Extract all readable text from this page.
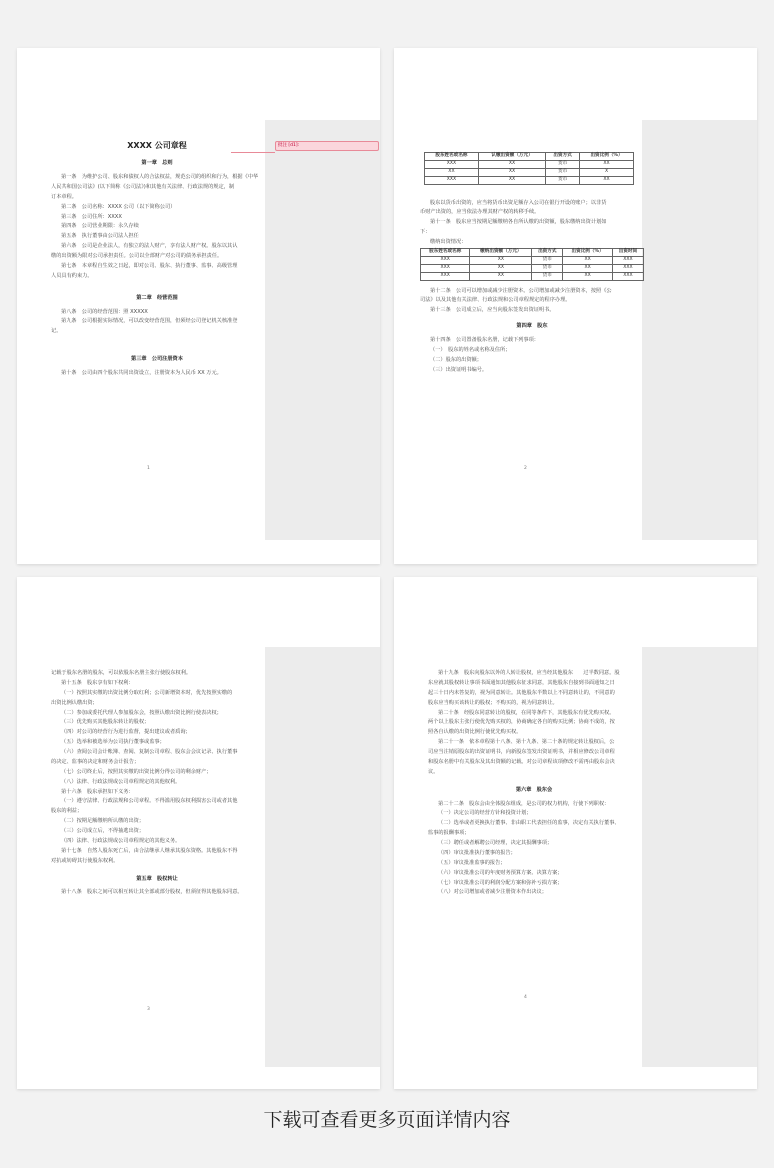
批注 [d1]:
XXXX 公司章程
第一章　总则
第一条　为维护公司、股东和债权人的合法权益，规范公司的组织和行为，根据《中华
人民共和国公司法》(以下简称《公司法》)和其他有关法律、行政法规的规定，制
订本章程。
第二条　公司名称：XXXX 公司（以下简称公司）
第三条　公司住所：XXXX
第四条　公司营业期限：永久存续
第五条　执行董事由公司法人担任
第六条　公司是企业法人，有独立的法人财产，享有法人财产权。股东以其认
缴的出资额为限对公司承担责任。公司以全部财产对公司的债务承担责任。
第七条　本章程自生效之日起，即对公司、股东、执行董事、监事、高级管理
人员具有约束力。
第二章　经营范围
第八条　公司的经营范围：照 XXXXX
第九条　公司根据实际情况，可以改变经营范围，但须经公司登记机关核准登
记。
第三章　公司注册资本
第十条　公司由四个股东共同出资设立，注册资本为人民币 XX 万元。
1
股东姓名或名称	认缴出资额（万元）	出资方式	出资比例（%）
XXX	XX	货币	XX
XX	XX	货币	X
XXX	XX	货币	XX
股东以货币出资的，应当将货币出资足额存入公司在银行开设的账户；以非货
币财产出资的，应当依法办理其财产权的转移手续。
第十一条　股东应当按期足额缴纳各自所认缴的出资额，股东缴纳出资计划如
下：
缴纳出资情况：
股东姓名或名称	缴纳出资额（万元）	出资方式	出资比例（%）	出资时间
XXX	XX	货币	XX	XXX
XXX	XX	货币	XX	XXX
XXX	XX	货币	XX	XXX
第十二条　公司可以增加或减少注册资本。公司增加或减少注册资本，按照《公
司法》以及其他有关法律、行政法规和公司章程规定的程序办理。
第十三条　公司成立后，应当向股东签发出资证明书。
第四章　股东
第十四条　公司置备股东名册，记载下列事项：
（一）　股东的姓名或名称及住所；
（二）股东的出资额；
（三）出资证明书编号。
2
记载于股东名册的股东，可以依股东名册主张行使股东权利。
第十五条　股东享有如下权利：
（一）按照其实缴的出资比例分取红利；公司新增资本时，优先按照实缴的
出资比例认缴出资；
（二）参加或委托代理人参加股东会，按照认缴出资比例行使表决权；
（三）优先购买其他股东转让的股权；
（四）对公司的经营行为进行监督，提出建议或者质询；
（五）选举和被选举为公司执行董事或监事；
（六）查阅公司会计帐簿、查阅、复制公司章程、股东会会议记录、执行董事
的决定、监事的决定和财务会计报告；
（七）公司终止后，按照其实缴的出资比例分得公司的剩余财产；
（八）法律、行政法规或公司章程规定的其他权利。
第十六条　股东承担如下义务：
（一）遵守法律、行政法规和公司章程。不得滥用股东权利损害公司或者其他
股东的利益；
（二）按期足额缴纳所认缴的出资；
（三）公司成立后，不得抽逃出资；
（四）法律、行政法规或公司章程规定的其他义务。
第十七条　自然人股东死亡后，由合法继承人继承其股东资格。其他股东不得
对抗或妨碍其行使股东权利。
第五章　股权转让
第十八条　股东之间可以相互转让其全部或部分股权，但须征得其他股东同意。
3
第十九条　股东向股东以外的人转让股权，应当经其他股东　　过半数同意。股
东应就其股权转让事项书面通知其他股东征求同意，其他股东自接到书面通知之日
起三十日内未答复的，视为同意转让。其他股东半数以上不同意转让的，不同意的
股东应当购买该转让的股权；不购买的，视为同意转让。
第二十条　经股东同意转让的股权，在同等条件下，其他股东有优先购买权。
两个以上股东主张行使优先购买权的，协商确定各自的购买比例；协商不成的，按
照各自认缴的出资比例行使优先购买权。
第二十一条　依本章程第十八条、第十九条、第二十条的规定转让股权后，公
司应当注销原股东的出资证明书，向新股东签发出资证明书，并相应修改公司章程
和股东名册中有关股东及其出资额的记载。对公司章程该项修改不需再由股东会决
议。
第六章　股东会
第二十二条　股东会由全体股东组成，是公司的权力机构，行使下列职权：
（一）决定公司的经营方针和投资计划；
（二）选举或者更换执行董事、非由职工代表担任的监事，决定有关执行董事、
监事的报酬事项；
（三）聘任或者解聘公司经理，决定其报酬事项；
（四）审议批准执行董事的报告；
（五）审议批准监事的报告；
（六）审议批准公司的年度财务预算方案、决算方案；
（七）审议批准公司的利润分配方案和弥补亏损方案；
（八）对公司增加或者减少注册资本作出决议；
4
下载可查看更多页面详情内容
